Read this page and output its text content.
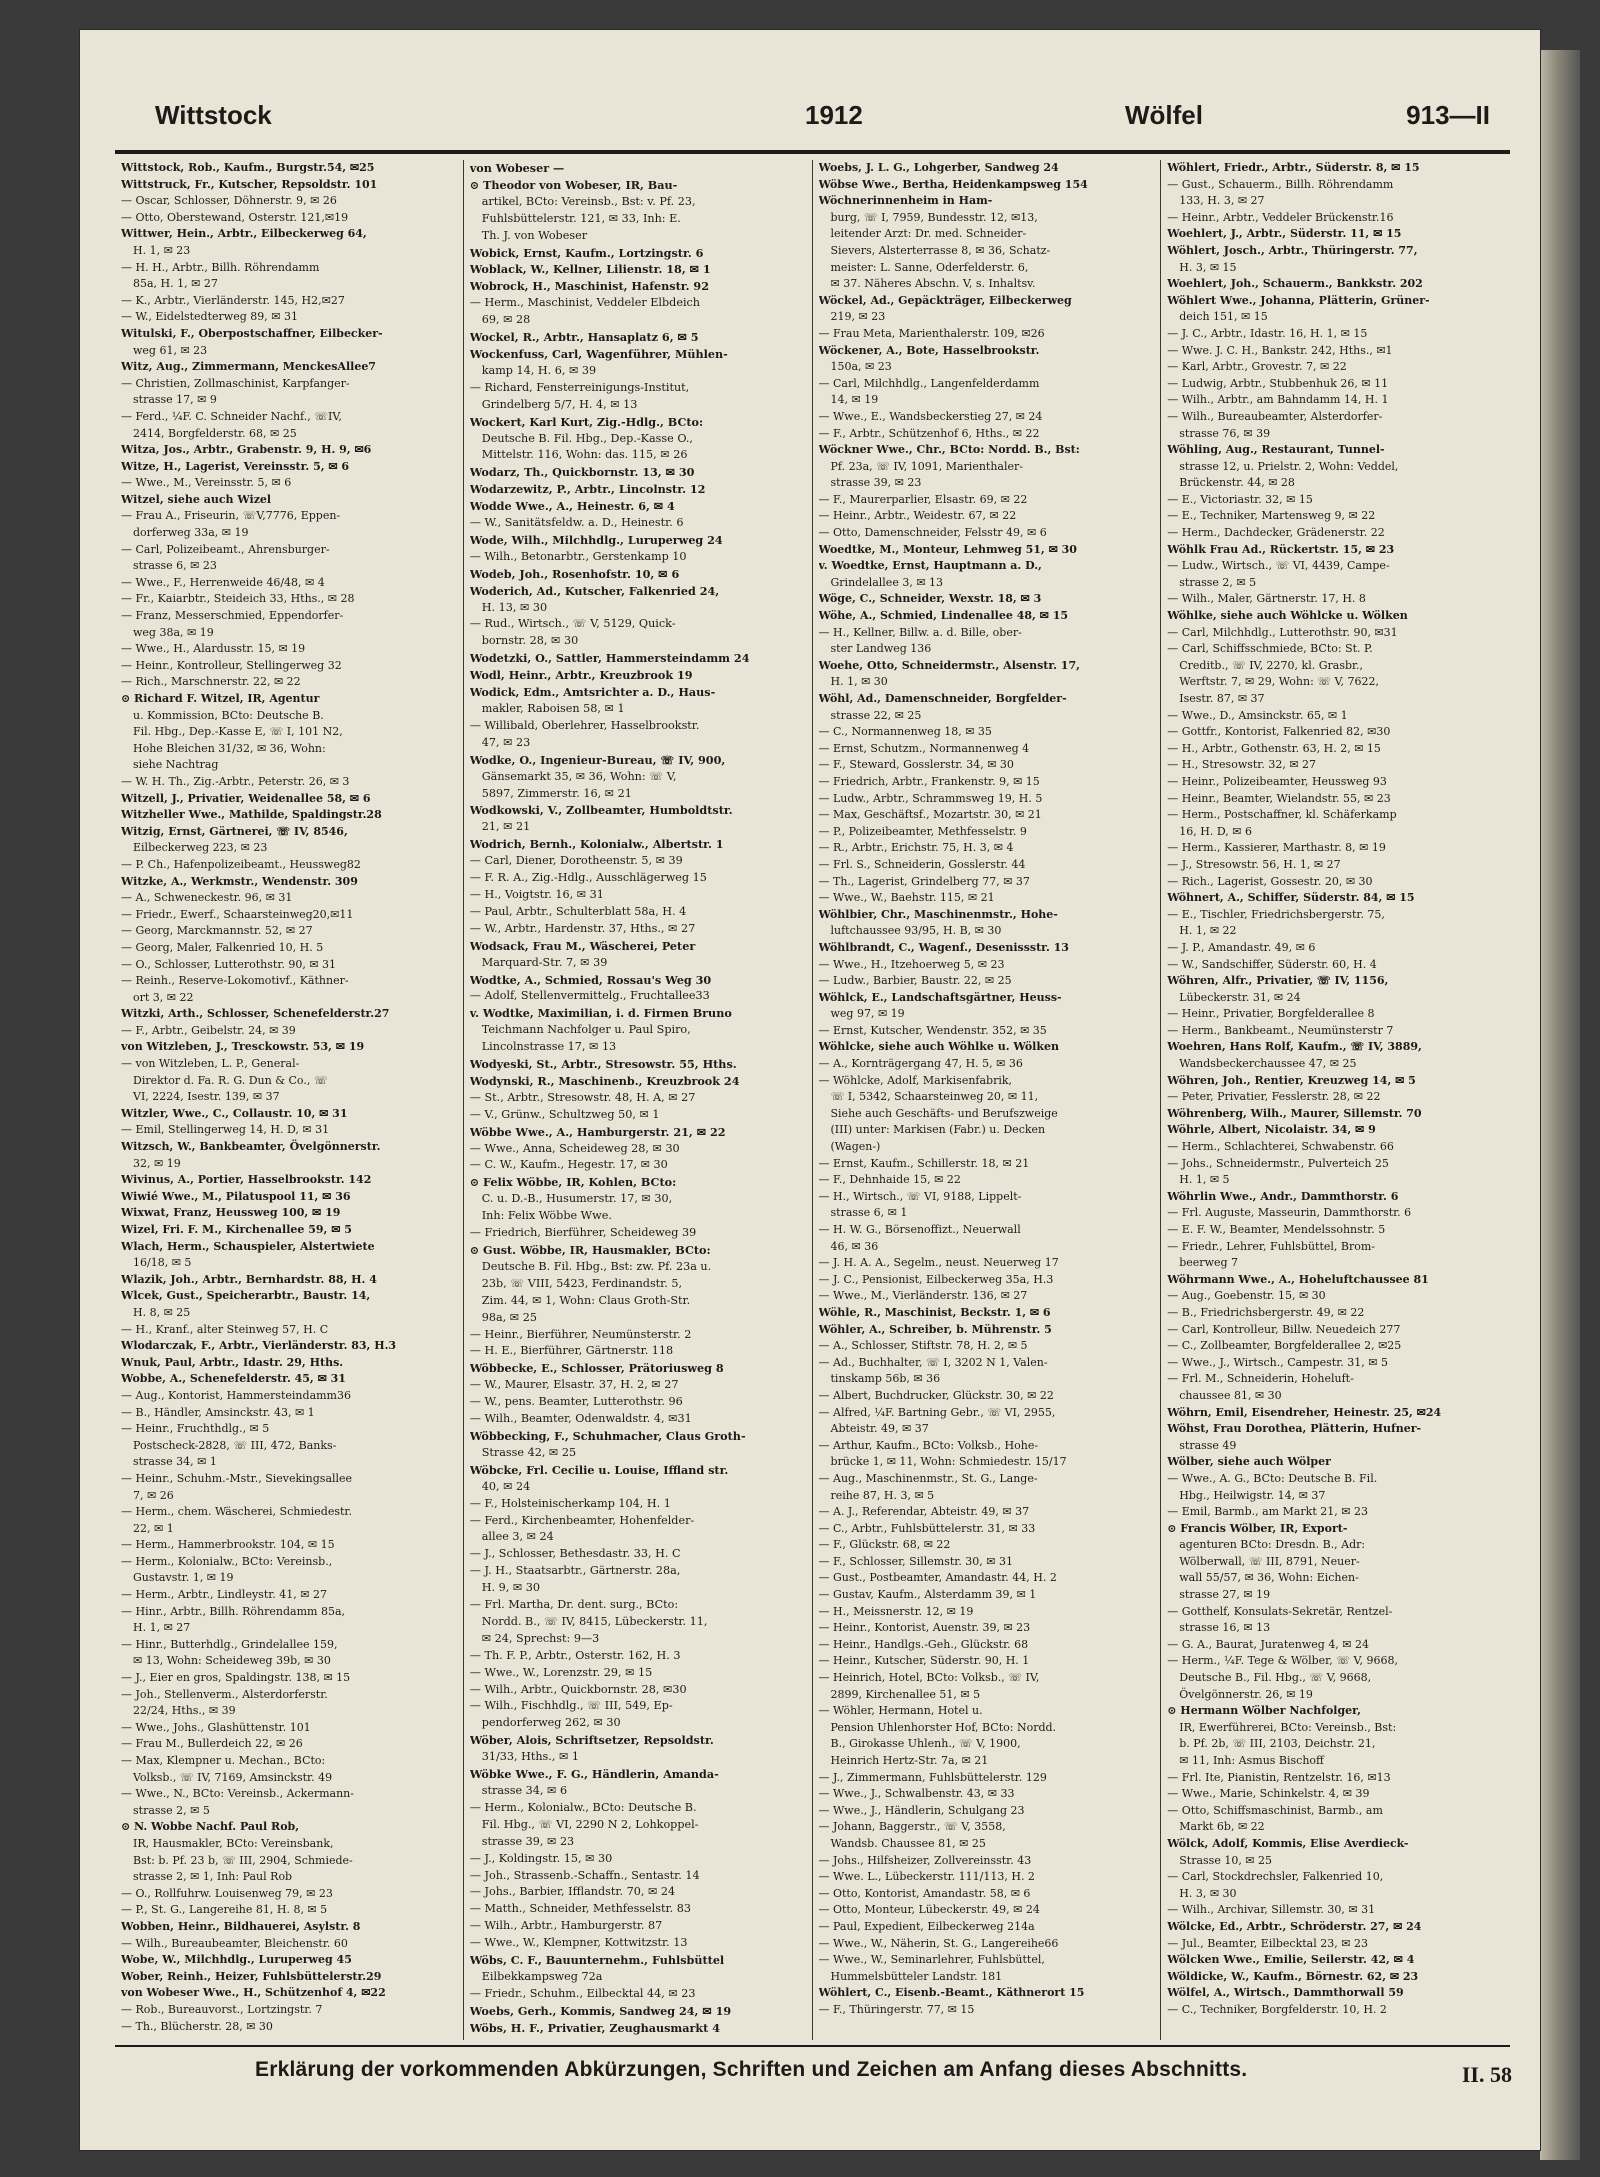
Wittstock	1912	Wölfel	913—II
Wittstock, Rob., Kaufm., Burgstr.54, ✉25
Wittstruck, Fr., Kutscher, Repsoldstr. 101
— Oscar, Schlosser, Döhnerstr. 9, ✉ 26
— Otto, Oberstewand, Osterstr. 121,✉19
Wittwer, Hein., Arbtr., Eilbeckerweg 64,
H. 1, ✉ 23
— H. H., Arbtr., Billh. Röhrendamm
85a, H. 1, ✉ 27
— K., Arbtr., Vierländerstr. 145, H2,✉27
— W., Eidelstedterweg 89, ✉ 31
Witulski, F., Oberpostschaffner, Eilbecker-
weg 61, ✉ 23
Witz, Aug., Zimmermann, MenckesAllee7
— Christien, Zollmaschinist, Karpfanger-
strasse 17, ✉ 9
— Ferd., ¼F. C. Schneider Nachf., ☏IV,
2414, Borgfelderstr. 68, ✉ 25
Witza, Jos., Arbtr., Grabenstr. 9, H. 9, ✉6
Witze, H., Lagerist, Vereinsstr. 5, ✉ 6
— Wwe., M., Vereinsstr. 5, ✉ 6
Witzel, siehe auch Wizel
— Frau A., Friseurin, ☏V,7776, Eppen-
dorferweg 33a, ✉ 19
— Carl, Polizeibeamt., Ahrensburger-
strasse 6, ✉ 23
— Wwe., F., Herrenweide 46/48, ✉ 4
— Fr., Kaiarbtr., Steideich 33, Hths., ✉ 28
— Franz, Messerschmied, Eppendorfer-
weg 38a, ✉ 19
— Wwe., H., Alardusstr. 15, ✉ 19
— Heinr., Kontrolleur, Stellingerweg 32
— Rich., Marschnerstr. 22, ✉ 22
⊙ Richard F. Witzel, IR, Agentur
u. Kommission, BCto: Deutsche B.
Fil. Hbg., Dep.-Kasse E, ☏ I, 101 N2,
Hohe Bleichen 31/32, ✉ 36, Wohn:
siehe Nachtrag
— W. H. Th., Zig.-Arbtr., Peterstr. 26, ✉ 3
Witzell, J., Privatier, Weidenallee 58, ✉ 6
Witzheller Wwe., Mathilde, Spaldingstr.28
Witzig, Ernst, Gärtnerei, ☏ IV, 8546,
Eilbeckerweg 223, ✉ 23
— P. Ch., Hafenpolizeibeamt., Heussweg82
Witzke, A., Werkmstr., Wendenstr. 309
— A., Schweneckestr. 96, ✉ 31
— Friedr., Ewerf., Schaarsteinweg20,✉11
— Georg, Marckmannstr. 52, ✉ 27
— Georg, Maler, Falkenried 10, H. 5
— O., Schlosser, Lutterothstr. 90, ✉ 31
— Reinh., Reserve-Lokomotivf., Käthner-
ort 3, ✉ 22
Witzki, Arth., Schlosser, Schenefelderstr.27
— F., Arbtr., Geibelstr. 24, ✉ 39
von Witzleben, J., Tresckowstr. 53, ✉ 19
— von Witzleben, L. P., General-
Direktor d. Fa. R. G. Dun & Co., ☏
VI, 2224, Isestr. 139, ✉ 37
Witzler, Wwe., C., Collaustr. 10, ✉ 31
— Emil, Stellingerweg 14, H. D, ✉ 31
Witzsch, W., Bankbeamter, Övelgönnerstr.
32, ✉ 19
Wivinus, A., Portier, Hasselbrookstr. 142
Wiwié Wwe., M., Pilatuspool 11, ✉ 36
Wixwat, Franz, Heussweg 100, ✉ 19
Wizel, Fri. F. M., Kirchenallee 59, ✉ 5
Wlach, Herm., Schauspieler, Alstertwiete
16/18, ✉ 5
Wlazik, Joh., Arbtr., Bernhardstr. 88, H. 4
Wlcek, Gust., Speicherarbtr., Baustr. 14,
H. 8, ✉ 25
— H., Kranf., alter Steinweg 57, H. C
Wlodarczak, F., Arbtr., Vierländerstr. 83, H.3
Wnuk, Paul, Arbtr., Idastr. 29, Hths.
Wobbe, A., Schenefelderstr. 45, ✉ 31
— Aug., Kontorist, Hammersteindamm36
— B., Händler, Amsinckstr. 43, ✉ 1
— Heinr., Fruchthdlg., ✉ 5
Postscheck-2828, ☏ III, 472, Banks-
strasse 34, ✉ 1
— Heinr., Schuhm.-Mstr., Sievekingsallee
7, ✉ 26
— Herm., chem. Wäscherei, Schmiedestr.
22, ✉ 1
— Herm., Hammerbrookstr. 104, ✉ 15
— Herm., Kolonialw., BCto: Vereinsb.,
Gustavstr. 1, ✉ 19
— Herm., Arbtr., Lindleystr. 41, ✉ 27
— Hinr., Arbtr., Billh. Röhrendamm 85a,
H. 1, ✉ 27
— Hinr., Butterhdlg., Grindelallee 159,
✉ 13, Wohn: Scheideweg 39b, ✉ 30
— J., Eier en gros, Spaldingstr. 138, ✉ 15
— Joh., Stellenverm., Alsterdorferstr.
22/24, Hths., ✉ 39
— Wwe., Johs., Glashüttenstr. 101
— Frau M., Bullerdeich 22, ✉ 26
— Max, Klempner u. Mechan., BCto:
Volksb., ☏ IV, 7169, Amsinckstr. 49
— Wwe., N., BCto: Vereinsb., Ackermann-
strasse 2, ✉ 5
⊙ N. Wobbe Nachf. Paul Rob,
IR, Hausmakler, BCto: Vereinsbank,
Bst: b. Pf. 23 b, ☏ III, 2904, Schmiede-
strasse 2, ✉ 1, Inh: Paul Rob
— O., Rollfuhrw. Louisenweg 79, ✉ 23
— P., St. G., Langereihe 81, H. 8, ✉ 5
Wobben, Heinr., Bildhauerei, Asylstr. 8
— Wilh., Bureaubeamter, Bleichenstr. 60
Wobe, W., Milchhdlg., Luruperweg 45
Wober, Reinh., Heizer, Fuhlsbüttelerstr.29
von Wobeser Wwe., H., Schützenhof 4, ✉22
— Rob., Bureauvorst., Lortzingstr. 7
— Th., Blücherstr. 28, ✉ 30
von Wobeser —
⊙ Theodor von Wobeser, IR, Bau-
artikel, BCto: Vereinsb., Bst: v. Pf. 23,
Fuhlsbüttelerstr. 121, ✉ 33, Inh: E.
Th. J. von Wobeser
Wobick, Ernst, Kaufm., Lortzingstr. 6
Woblack, W., Kellner, Lilienstr. 18, ✉ 1
Wobrock, H., Maschinist, Hafenstr. 92
— Herm., Maschinist, Veddeler Elbdeich
69, ✉ 28
Wockel, R., Arbtr., Hansaplatz 6, ✉ 5
Wockenfuss, Carl, Wagenführer, Mühlen-
kamp 14, H. 6, ✉ 39
— Richard, Fensterreinigungs-Institut,
Grindelberg 5/7, H. 4, ✉ 13
Wockert, Karl Kurt, Zig.-Hdlg., BCto:
Deutsche B. Fil. Hbg., Dep.-Kasse O.,
Mittelstr. 116, Wohn: das. 115, ✉ 26
Wodarz, Th., Quickbornstr. 13, ✉ 30
Wodarzewitz, P., Arbtr., Lincolnstr. 12
Wodde Wwe., A., Heinestr. 6, ✉ 4
— W., Sanitätsfeldw. a. D., Heinestr. 6
Wode, Wilh., Milchhdlg., Luruperweg 24
— Wilh., Betonarbtr., Gerstenkamp 10
Wodeb, Joh., Rosenhofstr. 10, ✉ 6
Woderich, Ad., Kutscher, Falkenried 24,
H. 13, ✉ 30
— Rud., Wirtsch., ☏ V, 5129, Quick-
bornstr. 28, ✉ 30
Wodetzki, O., Sattler, Hammersteindamm 24
Wodl, Heinr., Arbtr., Kreuzbrook 19
Wodick, Edm., Amtsrichter a. D., Haus-
makler, Raboisen 58, ✉ 1
— Willibald, Oberlehrer, Hasselbrookstr.
47, ✉ 23
Wodke, O., Ingenieur-Bureau, ☏ IV, 900,
Gänsemarkt 35, ✉ 36, Wohn: ☏ V,
5897, Zimmerstr. 16, ✉ 21
Wodkowski, V., Zollbeamter, Humboldtstr.
21, ✉ 21
Wodrich, Bernh., Kolonialw., Albertstr. 1
— Carl, Diener, Dorotheenstr. 5, ✉ 39
— F. R. A., Zig.-Hdlg., Ausschlägerweg 15
— H., Voigtstr. 16, ✉ 31
— Paul, Arbtr., Schulterblatt 58a, H. 4
— W., Arbtr., Hardenstr. 37, Hths., ✉ 27
Wodsack, Frau M., Wäscherei, Peter
Marquard-Str. 7, ✉ 39
Wodtke, A., Schmied, Rossau's Weg 30
— Adolf, Stellenvermittelg., Fruchtallee33
v. Wodtke, Maximilian, i. d. Firmen Bruno
Teichmann Nachfolger u. Paul Spiro,
Lincolnstrasse 17, ✉ 13
Wodyeski, St., Arbtr., Stresowstr. 55, Hths.
Wodynski, R., Maschinenb., Kreuzbrook 24
— St., Arbtr., Stresowstr. 48, H. A, ✉ 27
— V., Grünw., Schultzweg 50, ✉ 1
Wöbbe Wwe., A., Hamburgerstr. 21, ✉ 22
— Wwe., Anna, Scheideweg 28, ✉ 30
— C. W., Kaufm., Hegestr. 17, ✉ 30
⊙ Felix Wöbbe, IR, Kohlen, BCto:
C. u. D.-B., Husumerstr. 17, ✉ 30,
Inh: Felix Wöbbe Wwe.
— Friedrich, Bierführer, Scheideweg 39
⊙ Gust. Wöbbe, IR, Hausmakler, BCto:
Deutsche B. Fil. Hbg., Bst: zw. Pf. 23a u.
23b, ☏ VIII, 5423, Ferdinandstr. 5,
Zim. 44, ✉ 1, Wohn: Claus Groth-Str.
98a, ✉ 25
— Heinr., Bierführer, Neumünsterstr. 2
— H. E., Bierführer, Gärtnerstr. 118
Wöbbecke, E., Schlosser, Prätoriusweg 8
— W., Maurer, Elsastr. 37, H. 2, ✉ 27
— W., pens. Beamter, Lutterothstr. 96
— Wilh., Beamter, Odenwaldstr. 4, ✉31
Wöbbecking, F., Schuhmacher, Claus Groth-
Strasse 42, ✉ 25
Wöbcke, Frl. Cecilie u. Louise, Iffland str.
40, ✉ 24
— F., Holsteinischerkamp 104, H. 1
— Ferd., Kirchenbeamter, Hohenfelder-
allee 3, ✉ 24
— J., Schlosser, Bethesdastr. 33, H. C
— J. H., Staatsarbtr., Gärtnerstr. 28a,
H. 9, ✉ 30
— Frl. Martha, Dr. dent. surg., BCto:
Nordd. B., ☏ IV, 8415, Lübeckerstr. 11,
✉ 24, Sprechst: 9—3
— Th. F. P., Arbtr., Osterstr. 162, H. 3
— Wwe., W., Lorenzstr. 29, ✉ 15
— Wilh., Arbtr., Quickbornstr. 28, ✉30
— Wilh., Fischhdlg., ☏ III, 549, Ep-
pendorferweg 262, ✉ 30
Wöber, Alois, Schriftsetzer, Repsoldstr.
31/33, Hths., ✉ 1
Wöbke Wwe., F. G., Händlerin, Amanda-
strasse 34, ✉ 6
— Herm., Kolonialw., BCto: Deutsche B.
Fil. Hbg., ☏ VI, 2290 N 2, Lohkoppel-
strasse 39, ✉ 23
— J., Koldingstr. 15, ✉ 30
— Joh., Strassenb.-Schaffn., Sentastr. 14
— Johs., Barbier, Ifflandstr. 70, ✉ 24
— Matth., Schneider, Methfesselstr. 83
— Wilh., Arbtr., Hamburgerstr. 87
— Wwe., W., Klempner, Kottwitzstr. 13
Wöbs, C. F., Bauunternehm., Fuhlsbüttel
Eilbekkampsweg 72a
— Friedr., Schuhm., Eilbecktal 44, ✉ 23
Woebs, Gerh., Kommis, Sandweg 24, ✉ 19
Wöbs, H. F., Privatier, Zeughausmarkt 4
Woebs, J. L. G., Lohgerber, Sandweg 24
Wöbse Wwe., Bertha, Heidenkampsweg 154
Wöchnerinnenheim in Ham-
burg, ☏ I, 7959, Bundesstr. 12, ✉13,
leitender Arzt: Dr. med. Schneider-
Sievers, Alsterterrasse 8, ✉ 36, Schatz-
meister: L. Sanne, Oderfelderstr. 6,
✉ 37. Näheres Abschn. V, s. Inhaltsv.
Wöckel, Ad., Gepäckträger, Eilbeckerweg
219, ✉ 23
— Frau Meta, Marienthalerstr. 109, ✉26
Wöckener, A., Bote, Hasselbrookstr.
150a, ✉ 23
— Carl, Milchhdlg., Langenfelderdamm
14, ✉ 19
— Wwe., E., Wandsbeckerstieg 27, ✉ 24
— F., Arbtr., Schützenhof 6, Hths., ✉ 22
Wöckner Wwe., Chr., BCto: Nordd. B., Bst:
Pf. 23a, ☏ IV, 1091, Marienthaler-
strasse 39, ✉ 23
— F., Maurerparlier, Elsastr. 69, ✉ 22
— Heinr., Arbtr., Weidestr. 67, ✉ 22
— Otto, Damenschneider, Felsstr 49, ✉ 6
Woedtke, M., Monteur, Lehmweg 51, ✉ 30
v. Woedtke, Ernst, Hauptmann a. D.,
Grindelallee 3, ✉ 13
Wöge, C., Schneider, Wexstr. 18, ✉ 3
Wöhe, A., Schmied, Lindenallee 48, ✉ 15
— H., Kellner, Billw. a. d. Bille, ober-
ster Landweg 136
Woehe, Otto, Schneidermstr., Alsenstr. 17,
H. 1, ✉ 30
Wöhl, Ad., Damenschneider, Borgfelder-
strasse 22, ✉ 25
— C., Normannenweg 18, ✉ 35
— Ernst, Schutzm., Normannenweg 4
— F., Steward, Gosslerstr. 34, ✉ 30
— Friedrich, Arbtr., Frankenstr. 9, ✉ 15
— Ludw., Arbtr., Schrammsweg 19, H. 5
— Max, Geschäftsf., Mozartstr. 30, ✉ 21
— P., Polizeibeamter, Methfesselstr. 9
— R., Arbtr., Erichstr. 75, H. 3, ✉ 4
— Frl. S., Schneiderin, Gosslerstr. 44
— Th., Lagerist, Grindelberg 77, ✉ 37
— Wwe., W., Baehstr. 115, ✉ 21
Wöhlbier, Chr., Maschinenmstr., Hohe-
luftchaussee 93/95, H. B, ✉ 30
Wöhlbrandt, C., Wagenf., Desenissstr. 13
— Wwe., H., Itzehoerweg 5, ✉ 23
— Ludw., Barbier, Baustr. 22, ✉ 25
Wöhlck, E., Landschaftsgärtner, Heuss-
weg 97, ✉ 19
— Ernst, Kutscher, Wendenstr. 352, ✉ 35
Wöhlcke, siehe auch Wöhlke u. Wölken
— A., Kornträgergang 47, H. 5, ✉ 36
— Wöhlcke, Adolf, Markisenfabrik,
☏ I, 5342, Schaarsteinweg 20, ✉ 11,
Siehe auch Geschäfts- und Berufszweige
(III) unter: Markisen (Fabr.) u. Decken
(Wagen-)
— Ernst, Kaufm., Schillerstr. 18, ✉ 21
— F., Dehnhaide 15, ✉ 22
— H., Wirtsch., ☏ VI, 9188, Lippelt-
strasse 6, ✉ 1
— H. W. G., Börsenoffizt., Neuerwall
46, ✉ 36
— J. H. A. A., Segelm., neust. Neuerweg 17
— J. C., Pensionist, Eilbeckerweg 35a, H.3
— Wwe., M., Vierländerstr. 136, ✉ 27
Wöhle, R., Maschinist, Beckstr. 1, ✉ 6
Wöhler, A., Schreiber, b. Mührenstr. 5
— A., Schlosser, Stiftstr. 78, H. 2, ✉ 5
— Ad., Buchhalter, ☏ I, 3202 N 1, Valen-
tinskamp 56b, ✉ 36
— Albert, Buchdrucker, Glückstr. 30, ✉ 22
— Alfred, ¼F. Bartning Gebr., ☏ VI, 2955,
Abteistr. 49, ✉ 37
— Arthur, Kaufm., BCto: Volksb., Hohe-
brücke 1, ✉ 11, Wohn: Schmiedestr. 15/17
— Aug., Maschinenmstr., St. G., Lange-
reihe 87, H. 3, ✉ 5
— A. J., Referendar, Abteistr. 49, ✉ 37
— C., Arbtr., Fuhlsbüttelerstr. 31, ✉ 33
— F., Glückstr. 68, ✉ 22
— F., Schlosser, Sillemstr. 30, ✉ 31
— Gust., Postbeamter, Amandastr. 44, H. 2
— Gustav, Kaufm., Alsterdamm 39, ✉ 1
— H., Meissnerstr. 12, ✉ 19
— Heinr., Kontorist, Auenstr. 39, ✉ 23
— Heinr., Handlgs.-Geh., Glückstr. 68
— Heinr., Kutscher, Süderstr. 90, H. 1
— Heinrich, Hotel, BCto: Volksb., ☏ IV,
2899, Kirchenallee 51, ✉ 5
— Wöhler, Hermann, Hotel u.
Pension Uhlenhorster Hof, BCto: Nordd.
B., Girokasse Uhlenh., ☏ V, 1900,
Heinrich Hertz-Str. 7a, ✉ 21
— J., Zimmermann, Fuhlsbüttelerstr. 129
— Wwe., J., Schwalbenstr. 43, ✉ 33
— Wwe., J., Händlerin, Schulgang 23
— Johann, Baggerstr., ☏ V, 3558,
Wandsb. Chaussee 81, ✉ 25
— Johs., Hilfsheizer, Zollvereinsstr. 43
— Wwe. L., Lübeckerstr. 111/113, H. 2
— Otto, Kontorist, Amandastr. 58, ✉ 6
— Otto, Monteur, Lübeckerstr. 49, ✉ 24
— Paul, Expedient, Eilbeckerweg 214a
— Wwe., W., Näherin, St. G., Langereihe66
— Wwe., W., Seminarlehrer, Fuhlsbüttel,
Hummelsbütteler Landstr. 181
Wöhlert, C., Eisenb.-Beamt., Käthnerort 15
— F., Thüringerstr. 77, ✉ 15
Wöhlert, Friedr., Arbtr., Süderstr. 8, ✉ 15
— Gust., Schauerm., Billh. Röhrendamm
133, H. 3, ✉ 27
— Heinr., Arbtr., Veddeler Brückenstr.16
Woehlert, J., Arbtr., Süderstr. 11, ✉ 15
Wöhlert, Josch., Arbtr., Thüringerstr. 77,
H. 3, ✉ 15
Woehlert, Joh., Schauerm., Bankkstr. 202
Wöhlert Wwe., Johanna, Plätterin, Grüner-
deich 151, ✉ 15
— J. C., Arbtr., Idastr. 16, H. 1, ✉ 15
— Wwe. J. C. H., Bankstr. 242, Hths., ✉1
— Karl, Arbtr., Grovestr. 7, ✉ 22
— Ludwig, Arbtr., Stubbenhuk 26, ✉ 11
— Wilh., Arbtr., am Bahndamm 14, H. 1
— Wilh., Bureaubeamter, Alsterdorfer-
strasse 76, ✉ 39
Wöhling, Aug., Restaurant, Tunnel-
strasse 12, u. Prielstr. 2, Wohn: Veddel,
Brückenstr. 44, ✉ 28
— E., Victoriastr. 32, ✉ 15
— E., Techniker, Martensweg 9, ✉ 22
— Herm., Dachdecker, Grädenerstr. 22
Wöhlk Frau Ad., Rückertstr. 15, ✉ 23
— Ludw., Wirtsch., ☏ VI, 4439, Campe-
strasse 2, ✉ 5
— Wilh., Maler, Gärtnerstr. 17, H. 8
Wöhlke, siehe auch Wöhlcke u. Wölken
— Carl, Milchhdlg., Lutterothstr. 90, ✉31
— Carl, Schiffsschmiede, BCto: St. P.
Creditb., ☏ IV, 2270, kl. Grasbr.,
Werftstr. 7, ✉ 29, Wohn: ☏ V, 7622,
Isestr. 87, ✉ 37
— Wwe., D., Amsinckstr. 65, ✉ 1
— Gottfr., Kontorist, Falkenried 82, ✉30
— H., Arbtr., Gothenstr. 63, H. 2, ✉ 15
— H., Stresowstr. 32, ✉ 27
— Heinr., Polizeibeamter, Heussweg 93
— Heinr., Beamter, Wielandstr. 55, ✉ 23
— Herm., Postschaffner, kl. Schäferkamp
16, H. D, ✉ 6
— Herm., Kassierer, Marthastr. 8, ✉ 19
— J., Stresowstr. 56, H. 1, ✉ 27
— Rich., Lagerist, Gossestr. 20, ✉ 30
Wöhnert, A., Schiffer, Süderstr. 84, ✉ 15
— E., Tischler, Friedrichsbergerstr. 75,
H. 1, ✉ 22
— J. P., Amandastr. 49, ✉ 6
— W., Sandschiffer, Süderstr. 60, H. 4
Wöhren, Alfr., Privatier, ☏ IV, 1156,
Lübeckerstr. 31, ✉ 24
— Heinr., Privatier, Borgfelderallee 8
— Herm., Bankbeamt., Neumünsterstr 7
Woehren, Hans Rolf, Kaufm., ☏ IV, 3889,
Wandsbeckerchaussee 47, ✉ 25
Wöhren, Joh., Rentier, Kreuzweg 14, ✉ 5
— Peter, Privatier, Fesslerstr. 28, ✉ 22
Wöhrenberg, Wilh., Maurer, Sillemstr. 70
Wöhrle, Albert, Nicolaistr. 34, ✉ 9
— Herm., Schlachterei, Schwabenstr. 66
— Johs., Schneidermstr., Pulverteich 25
H. 1, ✉ 5
Wöhrlin Wwe., Andr., Dammthorstr. 6
— Frl. Auguste, Masseurin, Dammthorstr. 6
— E. F. W., Beamter, Mendelssohnstr. 5
— Friedr., Lehrer, Fuhlsbüttel, Brom-
beerweg 7
Wöhrmann Wwe., A., Hoheluftchaussee 81
— Aug., Goebenstr. 15, ✉ 30
— B., Friedrichsbergerstr. 49, ✉ 22
— Carl, Kontrolleur, Billw. Neuedeich 277
— C., Zollbeamter, Borgfelderallee 2, ✉25
— Wwe., J., Wirtsch., Campestr. 31, ✉ 5
— Frl. M., Schneiderin, Hoheluft-
chaussee 81, ✉ 30
Wöhrn, Emil, Eisendreher, Heinestr. 25, ✉24
Wöhst, Frau Dorothea, Plätterin, Hufner-
strasse 49
Wölber, siehe auch Wölper
— Wwe., A. G., BCto: Deutsche B. Fil.
Hbg., Heilwigstr. 14, ✉ 37
— Emil, Barmb., am Markt 21, ✉ 23
⊙ Francis Wölber, IR, Export-
agenturen BCto: Dresdn. B., Adr:
Wölberwall, ☏ III, 8791, Neuer-
wall 55/57, ✉ 36, Wohn: Eichen-
strasse 27, ✉ 19
— Gotthelf, Konsulats-Sekretär, Rentzel-
strasse 16, ✉ 13
— G. A., Baurat, Juratenweg 4, ✉ 24
— Herm., ¼F. Tege & Wölber, ☏ V, 9668,
Deutsche B., Fil. Hbg., ☏ V, 9668,
Övelgönnerstr. 26, ✉ 19
⊙ Hermann Wölber Nachfolger,
IR, Ewerführerei, BCto: Vereinsb., Bst:
b. Pf. 2b, ☏ III, 2103, Deichstr. 21,
✉ 11, Inh: Asmus Bischoff
— Frl. Ite, Pianistin, Rentzelstr. 16, ✉13
— Wwe., Marie, Schinkelstr. 4, ✉ 39
— Otto, Schiffsmaschinist, Barmb., am
Markt 6b, ✉ 22
Wölck, Adolf, Kommis, Elise Averdieck-
Strasse 10, ✉ 25
— Carl, Stockdrechsler, Falkenried 10,
H. 3, ✉ 30
— Wilh., Archivar, Sillemstr. 30, ✉ 31
Wölcke, Ed., Arbtr., Schröderstr. 27, ✉ 24
— Jul., Beamter, Eilbecktal 23, ✉ 23
Wölcken Wwe., Emilie, Seilerstr. 42, ✉ 4
Wöldicke, W., Kaufm., Börnestr. 62, ✉ 23
Wölfel, A., Wirtsch., Dammthorwall 59
— C., Techniker, Borgfelderstr. 10, H. 2
Erklärung der vorkommenden Abkürzungen, Schriften und Zeichen am Anfang dieses Abschnitts.	II. 58
